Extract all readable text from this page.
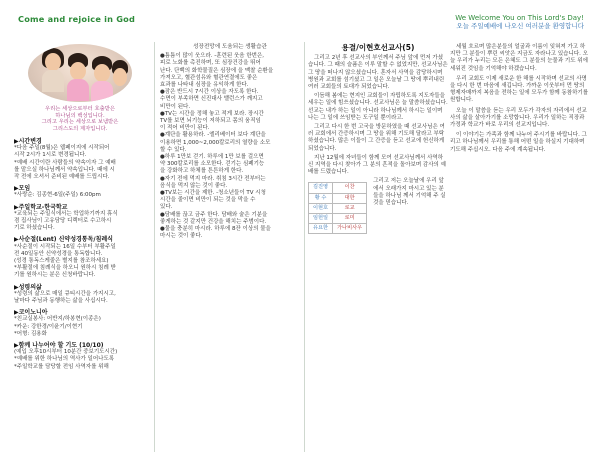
Come and rejoice in God	We Welcome You on This Lord's Day!
오늘 주일예배에 나오신 여러분을 환영합니다
우리는 세상으로부터 호출받은
하나님의 백성입니다.
그리고 우리는 세상으로 보냄받은
그리스도의 제자입니다.
▶시간변경

*다음 주일(8월)은 웹페이지에 시작되어

시작 2시가 1시로 변경됩니다.

*예배 시간이란 사람들의 약속이자 그 예배

를 맡으실 하나님께서 약속입니다. 때에 시

작 전에 오셔서 준비된 예배를 드립시다.

▶모임

*사랑순: 김종현-6일(주일) 6:00pm

▶주일학교-한국학교

*교육되는 주일식에서는 학업하기까지 휴식

겸 집사님이 고유담당 디렉터로 수고하시

기로 하셨습니다.

▶사순절(Lent) 신약성경통독/침례식

*사순절이 시작되는 16일 수부터 부활주일

전 40일동안 신약성경을 통독합니다.

(성경 통독스케줄은 별지를 참조하세요)

*부활절에 침례식을 하오니 원하시 침례 받

기를 원하시는 분은 신청바랍니다.

▶성령의삶

*성령의 삶으로 매일 큐티시간을 가지시고,

날마다 주님과 동행하는 삶을 사십시다.

▶코이노니아

*친교실봉사: 어반지/하봉현(이종은)

*카운: 강한경/이윤기/이현기

*어형: 김용화

▶함께 나누어야 할 기도 (10/10)

(예입 오후10시부터 10분간 중보기도시간)

*예배를 위한 하나님의 역사가 일어나도록

*주일학교를 담당할 전임 사역자를 위해

성장전망에 도움되는 생활습관

●틈틈이 많이 웃으라. -훈련된 웃음 한번은,

피로 노화를 촉진하며, 또 심장건강을 뛰어

난다. 단백의 화학물질은 심장에 을 맥찰 순환을

가져오고, 혈관섬유와 혈관연결에도 좋은

효과를 나타내 심장을 유익하게 한다.

●잠은 반드시 7시간 이상을 자도록 한다.

수면이 부족하면 신진대사 밸런스가 깨지고

비만이 된다.

●TV는 시간을 정해 놓고 적게 보라. 장시간

TV를 보면 뇌기능이 저하되고 몸의 움직임

이 적어 비만이 된다.

●계단을 활용하라. -엘리베이터 보다 계단을

이용하면 1,000~2,000칼로리의 열량을 소모

할 수 있다.

●하루 1만보 걷기. 하루에 1만 보를 걸으면

약 300칼로리를 소모한다. 걷기는 심폐기능

을 강화하고 하체를 튼튼하게 한다.

●자기 전에 먹지 마라. 취침 3시간 전부터는

음식을 먹지 않는 것이 좋다.

●TV보는 시간을 제한. -청소년들이 TV 시청

시간을 줄이면 비만이 되는 것을 막을 수

있다.

●담배를 끊고 금주 한다. 담배와 술은 기분을

좋게하는 것 같지만 건강을 해치는 주범이다.

●물을 충분히 마시라. 하루에 8잔 이상의 물을

마시는 것이 좋다.

용결/이현호선교사(5)

그리고 2년 후 선교사의 부인께서 주님 앞에 먼저 가셨습니다. 그 때의 슬픔은 이루 말할 수 없었지만, 선교사님은 그 땅을 떠나지 않으셨습니다. 혼자서 사역을 감당하시며 병원과 교회를 섬기셨고 그 일은 오늘날 그 땅에 뿌리내린 여러 교회들의 토대가 되었습니다.

이듬해 봄에는 현지인 교회들이 자립하도록 지도자들을 세우는 일에 힘쓰셨습니다. 선교사님은 늘 말씀하셨습니다. 선교는 내가 하는 일이 아니라 하나님께서 하시는 일이며 나는 그 일에 쓰임받는 도구일 뿐이라고.

그리고 다시 한 번 고국을 방문하였을 때 선교사님은 여러 교회에서 간증하시며 그 땅을 위해 기도해 달라고 부탁하셨습니다. 많은 이들이 그 간증을 듣고 선교에 헌신하게 되었습니다.

지난 12월에 자녀들이 함께 모여 선교사님께서 사역하신 지역을 다시 찾아가 그 분의 흔적을 돌아보며 감사의 예배를 드렸습니다.

김진영	이찬
황 수	대한
이현호	로교
임헌일	로미
유요한	가나비사우
그리고 저는 오늘날에 우리 앞에서 오래가지 마시고 있는 분들을 하나님 께서 기억해 주 실것을 믿습니다.

세월 흐르며 많은분들의 얼굴과 이름이 잊혀져 가고 하지만 그 분들이 뿌린 씨앗은 지금도 자라나고 있습니다. 오늘 우리가 누리는 모든 은혜도 그 분들의 눈물과 기도 위에 세워진 것임을 기억해야 하겠습니다.

우리 교회도 이제 새로운 한 해를 시작하며 선교의 사명을 다시 한 번 마음에 새깁니다. 가까운 이웃부터 먼 땅의 형제자매까지 복음을 전하는 일에 모두가 함께 동참하기를 원합니다.

오늘 이 말씀을 듣는 우리 모두가 각자의 자리에서 선교사의 삶을 살아가기를 소망합니다. 우리가 일하는 직장과 가정과 학교가 바로 우리의 선교지입니다.

이 이야기는 가족과 함께 나누어 주시기를 바랍니다. 그리고 하나님께서 우리를 통해 어떤 일을 하실지 기대하며 기도해 주십시오. 다음 주에 계속됩니다.
